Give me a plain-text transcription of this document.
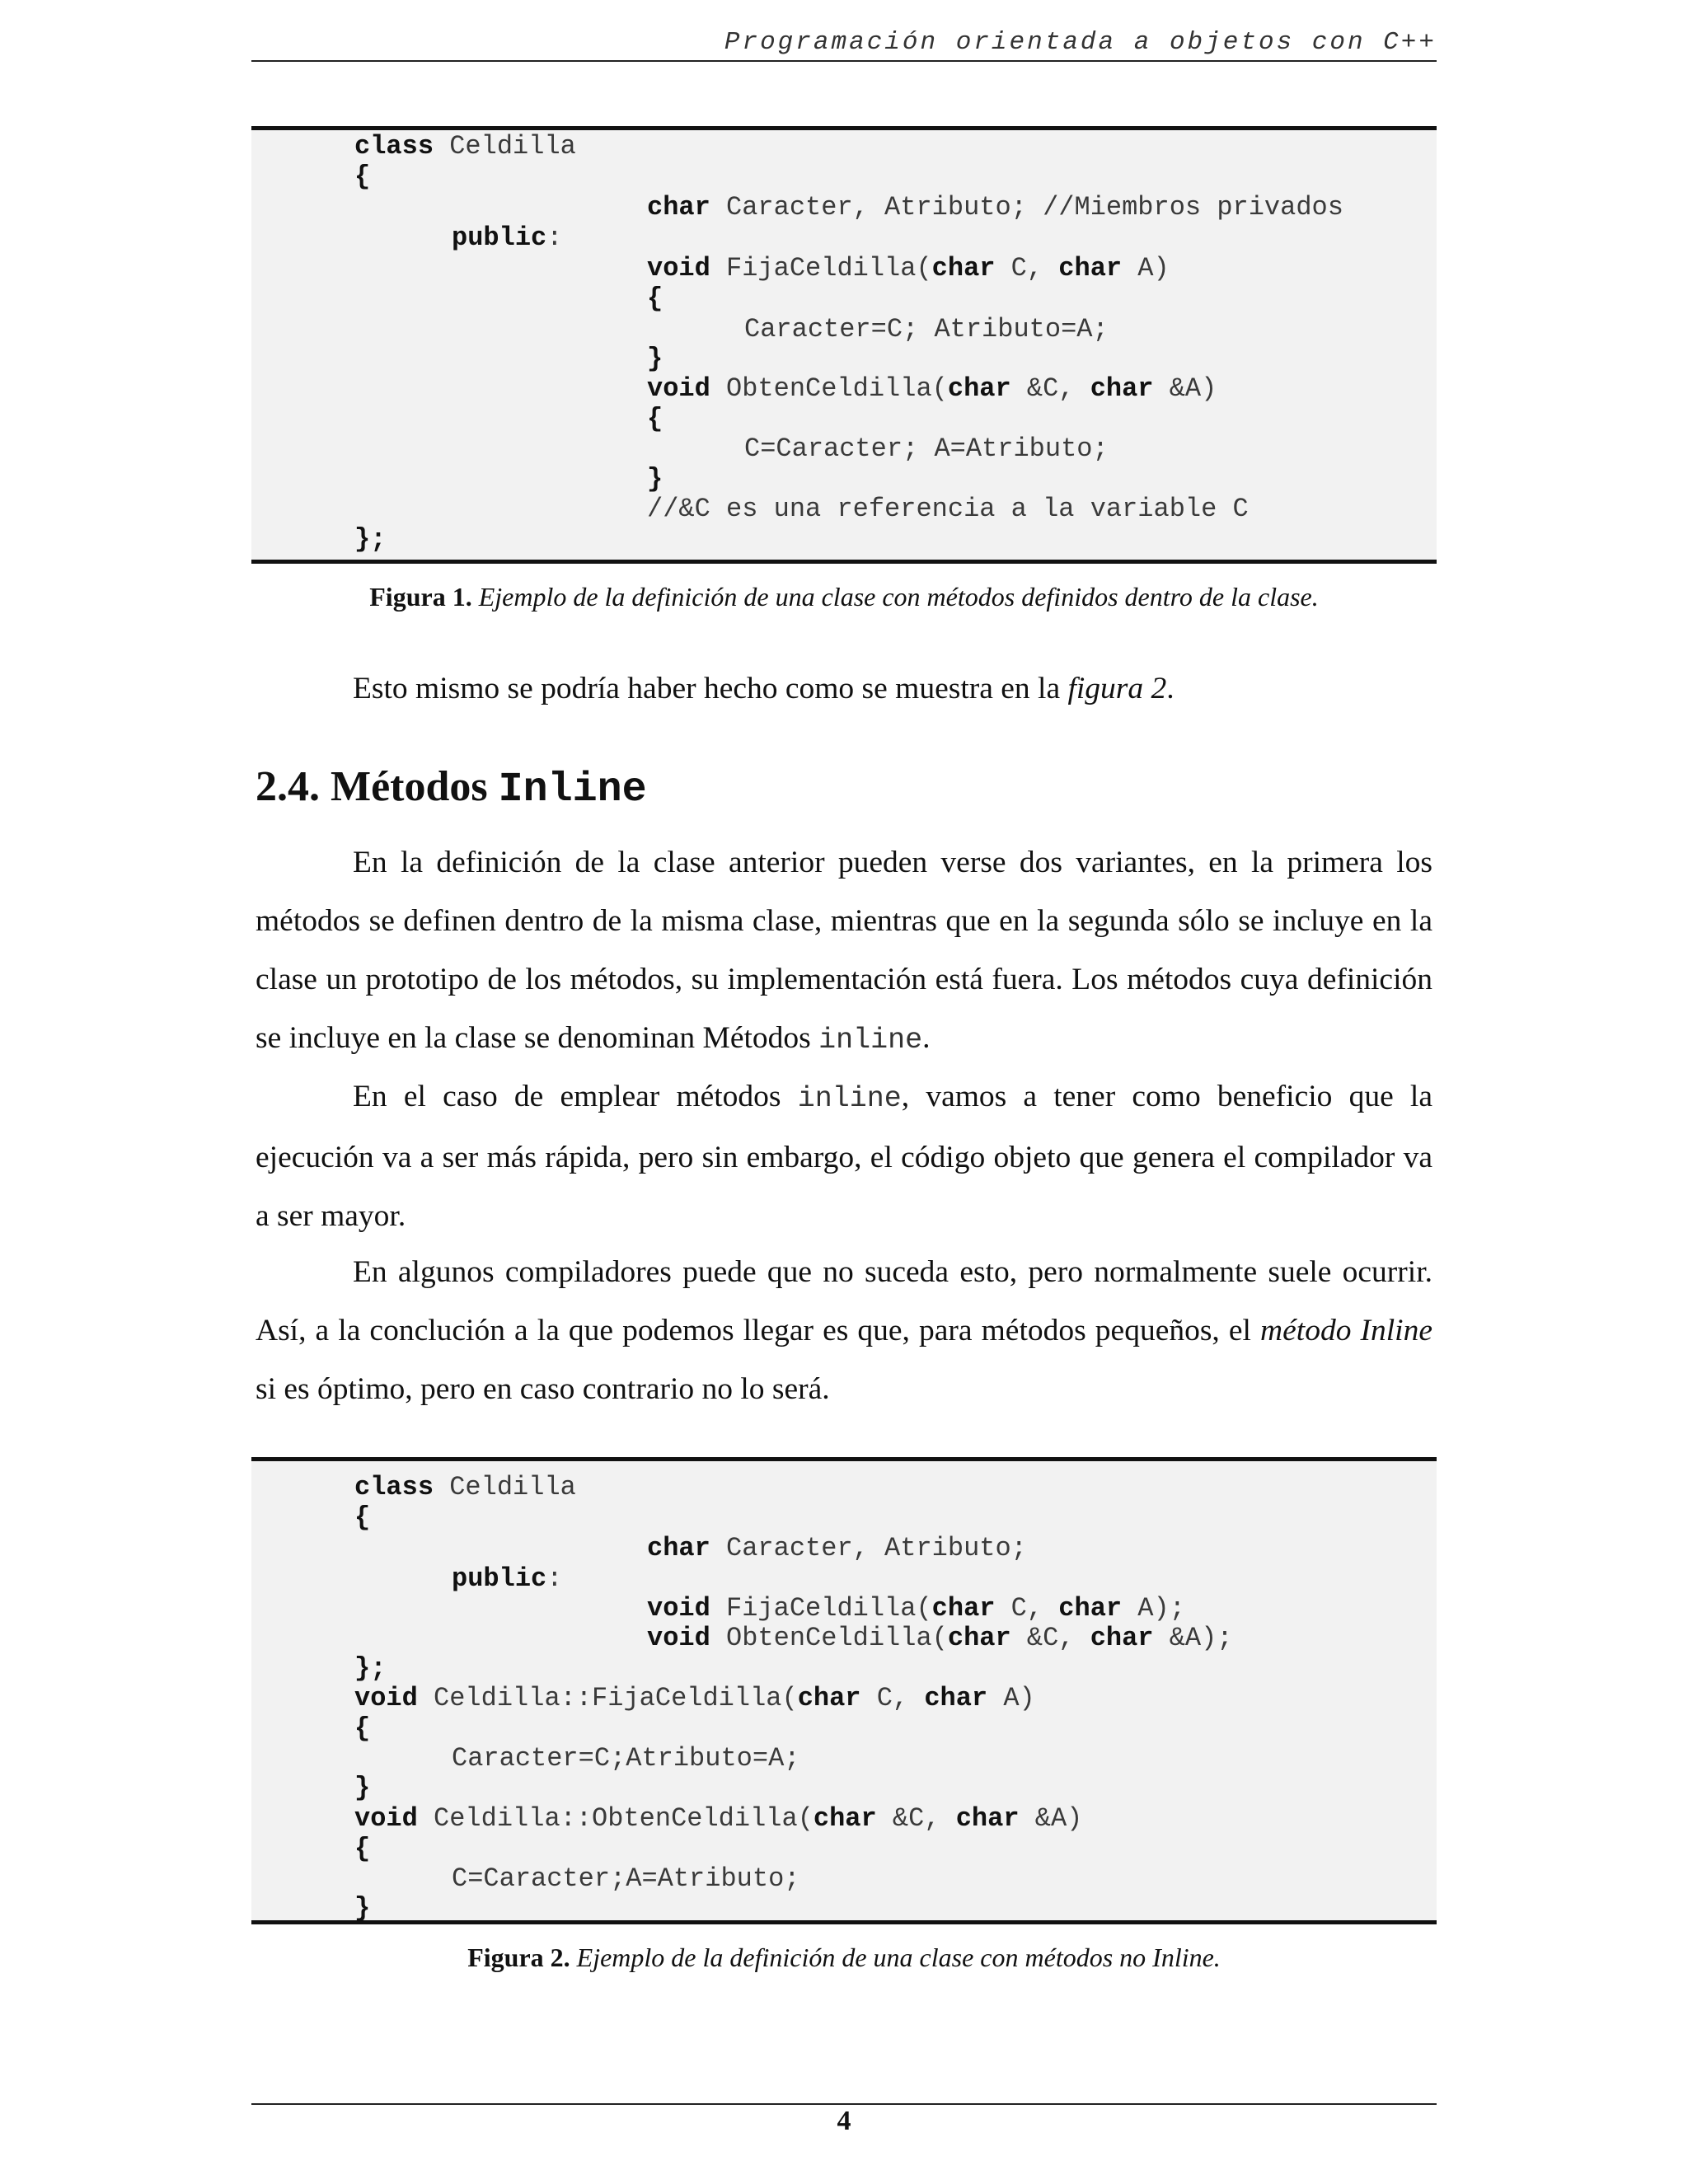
Programación orientada a objetos con C++
class Celdilla
{
char Caracter, Atributo; //Miembros privados
public:
void FijaCeldilla(char C, char A)
{
Caracter=C; Atributo=A;
}
void ObtenCeldilla(char &C, char &A)
{
C=Caracter; A=Atributo;
}
//&C es una referencia a la variable C
};
Figura 1. Ejemplo de la definición de una clase con métodos definidos dentro de la clase.
Esto mismo se podría haber hecho como se muestra en la figura 2.
2.4. Métodos Inline
En la definición de la clase anterior pueden verse dos variantes, en la primera los métodos se definen dentro de la misma clase, mientras que en la segunda sólo se incluye en la clase un prototipo de los métodos, su implementación está fuera. Los métodos cuya definición se incluye en la clase se denominan Métodos inline.
En el caso de emplear métodos inline, vamos a tener como beneficio que la ejecución va a ser más rápida, pero sin embargo, el código objeto que genera el compilador va a ser mayor.
En algunos compiladores puede que no suceda esto, pero normalmente suele ocurrir. Así, a la conclución a la que podemos llegar es que, para métodos pequeños, el método Inline si es óptimo, pero en caso contrario no lo será.
class Celdilla
{
char Caracter, Atributo;
public:
void FijaCeldilla(char C, char A);
void ObtenCeldilla(char &C, char &A);
};
void Celdilla::FijaCeldilla(char C, char A)
{
Caracter=C;Atributo=A;
}
void Celdilla::ObtenCeldilla(char &C, char &A)
{
C=Caracter;A=Atributo;
}
Figura 2. Ejemplo de la definición de una clase con métodos no Inline.
4
